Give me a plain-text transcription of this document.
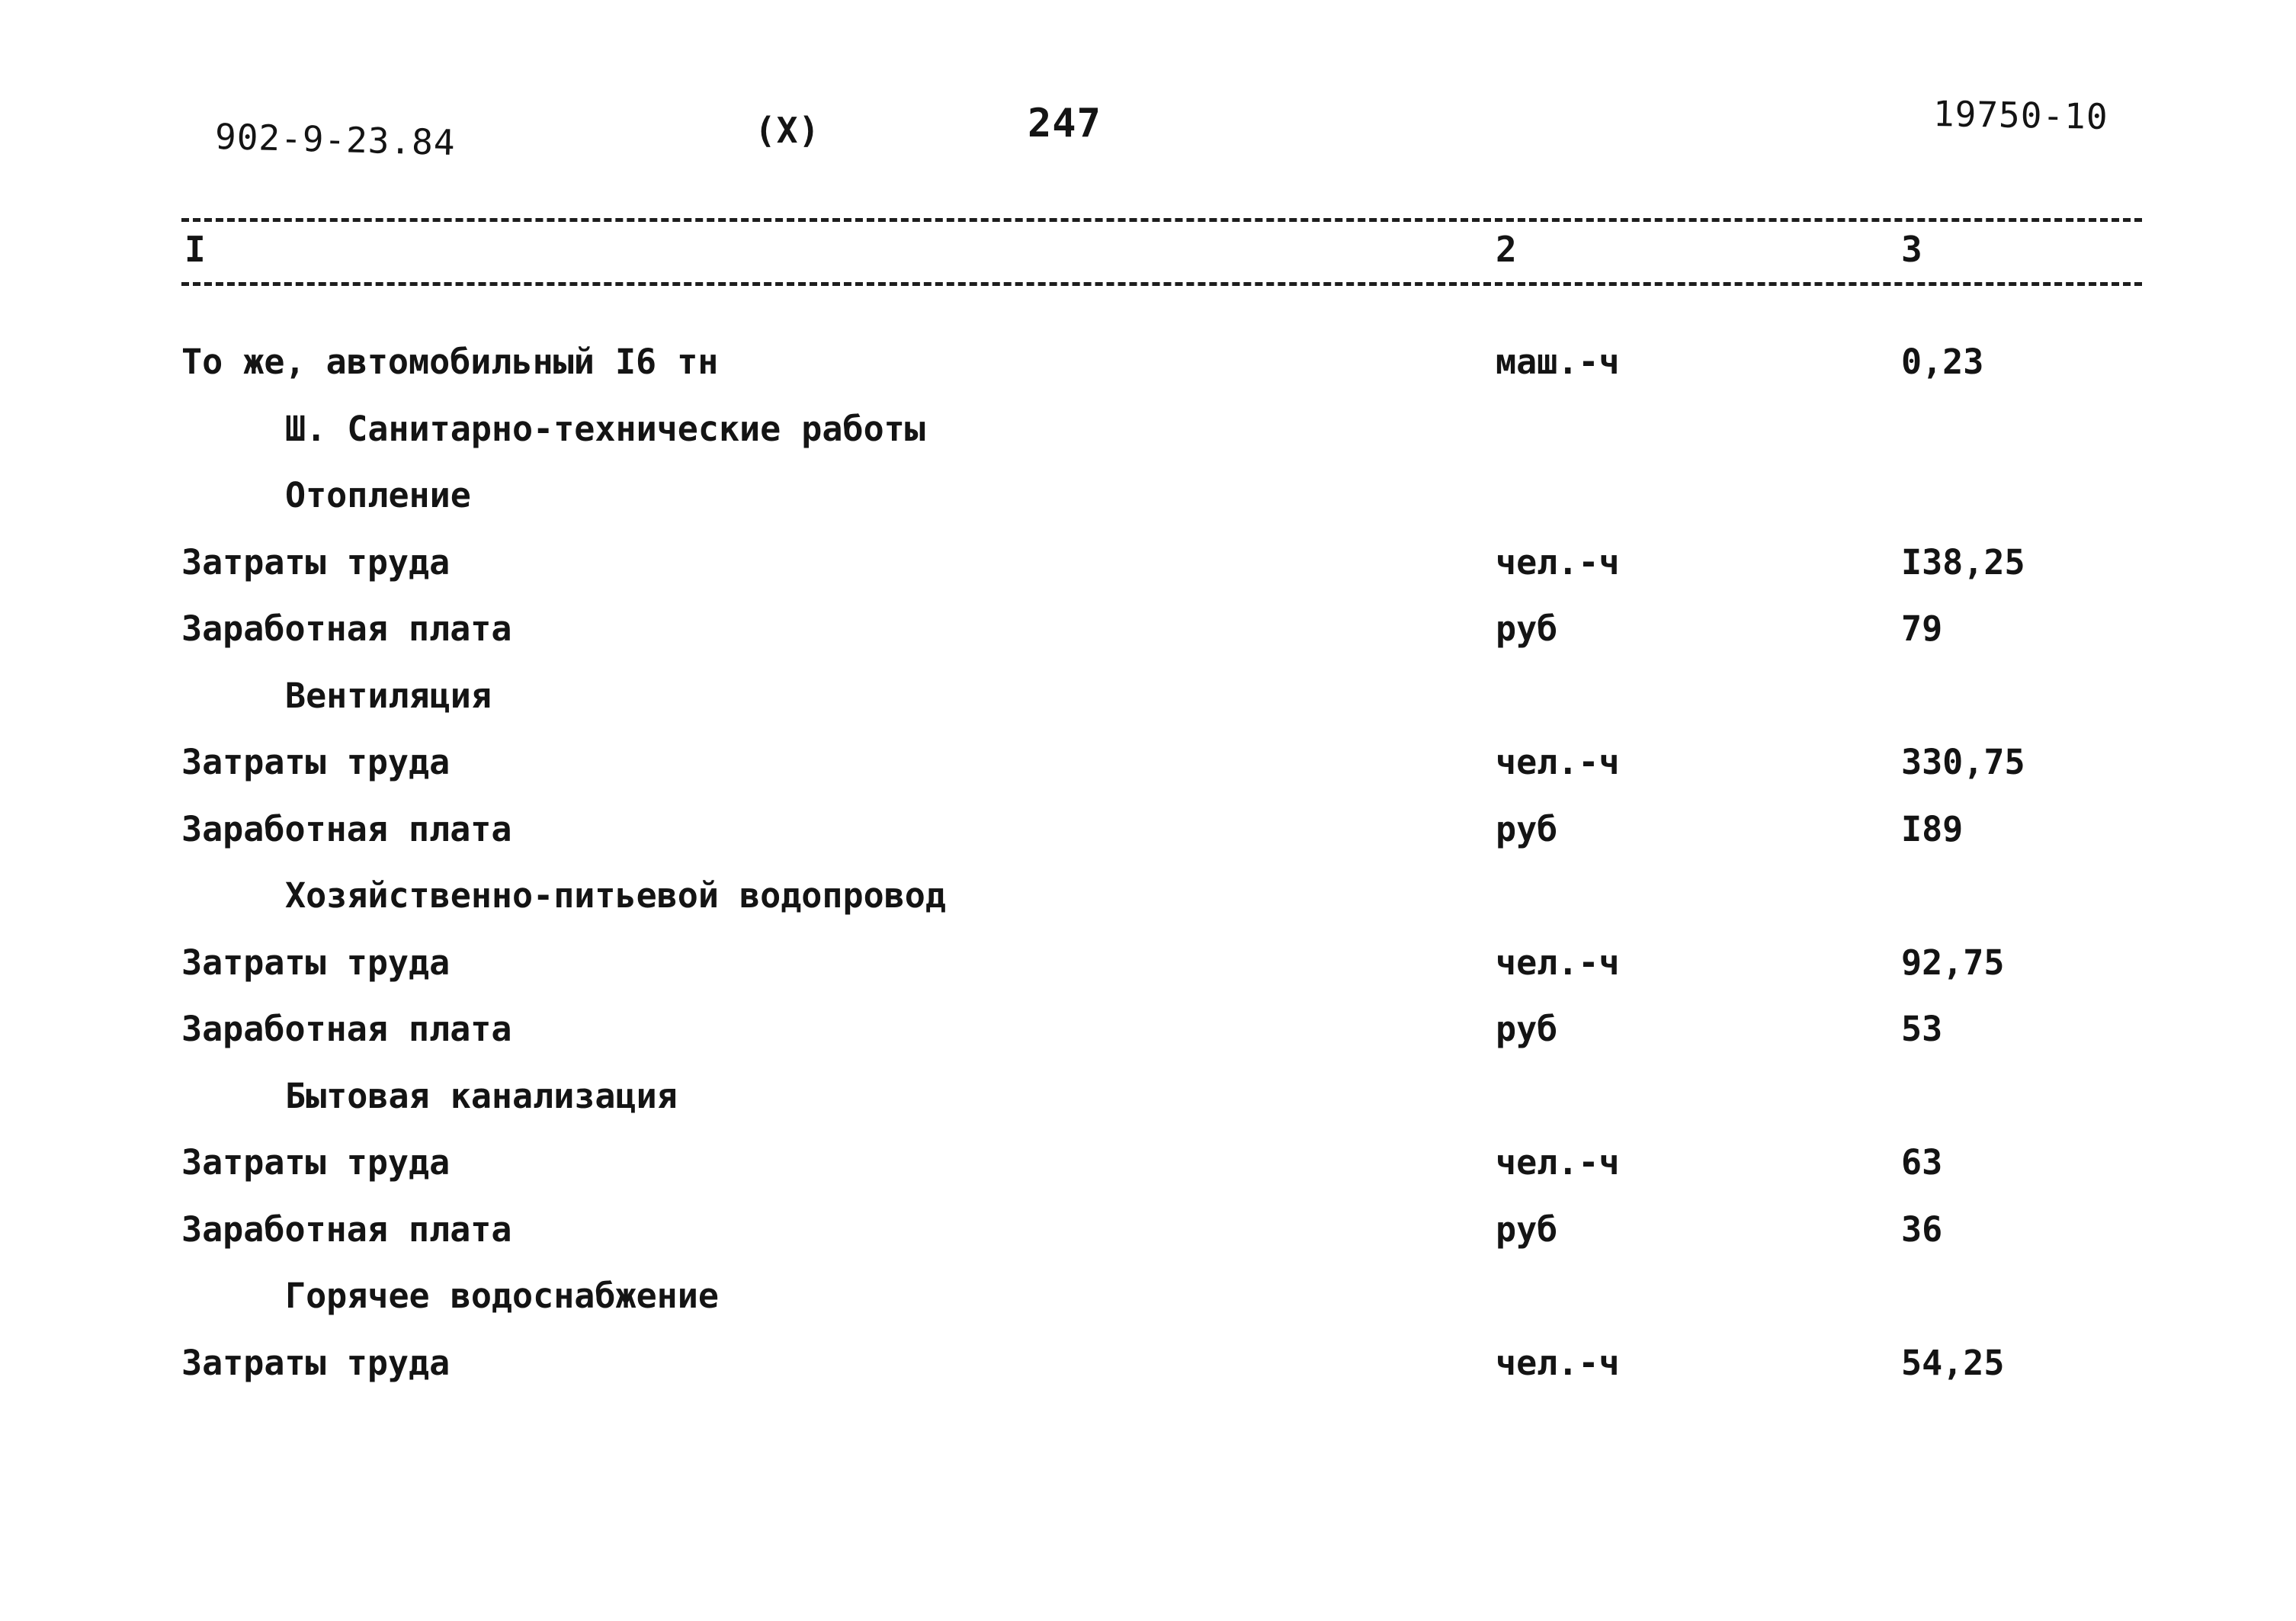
902-9-23.84	(X)	247	19750-10
I	2	3
То же, автомобильный I6 тн	маш.-ч	0,23
Ш. Санитарно-технические работы
Отопление
Затраты труда	чел.-ч	I38,25
Заработная плата	руб	79
Вентиляция
Затраты труда	чел.-ч	330,75
Заработная плата	руб	I89
Хозяйственно-питьевой водопровод
Затраты труда	чел.-ч	92,75
Заработная плата	руб	53
Бытовая канализация
Затраты труда	чел.-ч	63
Заработная плата	руб	36
Горячее водоснабжение
Затраты труда	чел.-ч	54,25
